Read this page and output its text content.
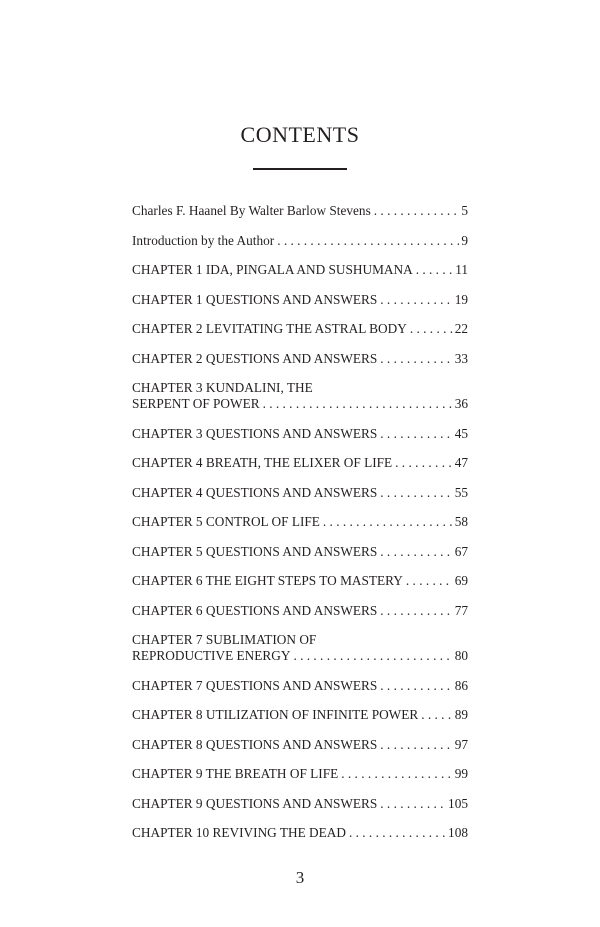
CONTENTS
Charles F. Haanel By Walter Barlow Stevens . . .	5
Introduction by the Author . . .	9
CHAPTER 1 IDA, PINGALA AND SUSHUMANA . . .	11
CHAPTER 1 QUESTIONS AND ANSWERS . . .	19
CHAPTER 2 LEVITATING THE ASTRAL BODY . . .	22
CHAPTER 2 QUESTIONS AND ANSWERS . . .	33
CHAPTER 3 KUNDALINI, THE
SERPENT OF POWER . . .	36
CHAPTER 3 QUESTIONS AND ANSWERS . . .	45
CHAPTER 4 BREATH, THE ELIXER OF LIFE . . .	47
CHAPTER 4 QUESTIONS AND ANSWERS . . .	55
CHAPTER 5 CONTROL OF LIFE . . .	58
CHAPTER 5 QUESTIONS AND ANSWERS . . .	67
CHAPTER 6 THE EIGHT STEPS TO MASTERY . . .	69
CHAPTER 6 QUESTIONS AND ANSWERS . . .	77
CHAPTER 7 SUBLIMATION OF
REPRODUCTIVE ENERGY . . .	80
CHAPTER 7 QUESTIONS AND ANSWERS . . .	86
CHAPTER 8 UTILIZATION OF INFINITE POWER . . .	89
CHAPTER 8 QUESTIONS AND ANSWERS . . .	97
CHAPTER 9 THE BREATH OF LIFE . . .	99
CHAPTER 9 QUESTIONS AND ANSWERS . . .	105
CHAPTER 10 REVIVING THE DEAD . . .	108
3
